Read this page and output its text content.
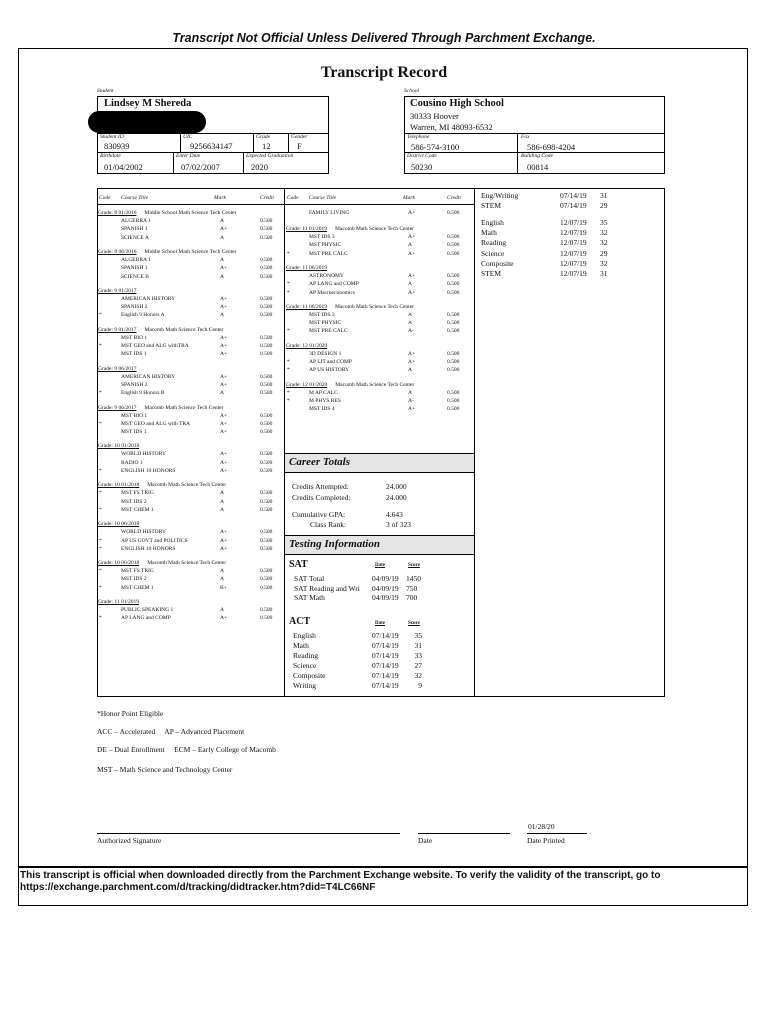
Transcript Not Official Unless Delivered Through Parchment Exchange.
Transcript Record
Student
Lindsey M Shereda
Student ID
830939
UIC
9256634147
Grade
12
Gender
F
Birthdate
01/04/2002
Enter Date
07/02/2007
Expected Graduation
2020
School
Cousino High School
30333 Hoover
Warren, MI 48093-6532
Telephone
586-574-3100
Fax
586-698-4204
District Code
50230
Building Code
00814
Code Course Title	Mark	Credit Code Course Title	Mark	Credit
Grade: 8 01/2016 Middle School Math Science Tech Center
ALGEBRA 1	A	0.500
SPANISH 1	A+	0.500
SCIENCE A	A	0.500
Grade: 8 06/2016 Middle School Math Science Tech Center
ALGEBRA 1	A	0.500
SPANISH 1	A+	0.500
SCIENCE B	A	0.500
Grade: 9 01/2017
AMERICAN HISTORY	A+	0.500
SPANISH 2	A+	0.500
*	English 9 Honors A	A	0.500
Grade: 9 01/2017 Macomb Math Science Tech Center
MST BIO 1	A+	0.500
*	MST GEO and ALG withTRA	A+	0.500
MST IDS 1	A+	0.500
Grade: 9 06/2017
AMERICAN HISTORY	A+	0.500
SPANISH 2	A+	0.500
*	English 9 Honors B	A	0.500
Grade: 9 06/2017 Macomb Math Science Tech Center
MST BIO 1	A+	0.500
*	MST GEO and ALG with TRA	A+	0.500
MST IDS 1	A+	0.500
Grade: 10 01/2018
WORLD HISTORY	A+	0.500
RADIO 1	A+	0.500
*	ENGLISH 10 HONORS	A+	0.500
Grade: 10 01/2018 Macomb Math Science Tech Center
*	MST FS TRIG	A	0.500
MST IDS 2	A	0.500
*	MST CHEM 1	A	0.500
Grade: 10 06/2018
WORLD HISTORY	A+	0.500
*	AP US GOVT and POLITICS	A+	0.500
*	ENGLISH 10 HONORS	A+	0.500
Grade: 10 06/2018 Macomb Math Science Tech Center
*	MST FS TRIG	A	0.500
MST IDS 2	A	0.500
*	MST CHEM 1	B+	0.500
Grade: 11 01/2019
PUBLIC SPEAKING 1	A	0.500
*	AP LANG and COMP	A+	0.500
FAMILY LIVING	A+	0.500
Grade: 11 01/2019 Macomb Math Science Tech Center
MST IDS 3	A+	0.500
MST PHYSIC	A	0.500
*	MST PRE CALC	A+	0.500
Grade: 11 06/2019
ASTRONOMY	A+	0.500
*	AP LANG and COMP	A	0.500
*	AP Macroeconomics	A+	0.500
Grade: 11 06/2019 Macomb Math Science Tech Center
MST IDS 3	A	0.500
MST PHYSIC	A	0.500
*	MST PRE CALC	A-	0.500
Grade: 12 01/2020
3D DESIGN 1	A+	0.500
*	AP LIT and COMP	A+	0.500
*	AP US HISTORY	A	0.500
Grade: 12 01/2020 Macomb Math Science Tech Center
*	M AP CALC	A	0.500
*	M PHYS RES	A-	0.500
MST IDS 4	A+	0.500
Career Totals
Credits Attempted:	24.000
Credits Completed:	24.000
Cumulative GPA:	4.643
Class Rank:	3 of 323
Testing Information
SAT	Date	Score
SAT Total	04/09/19 1450
SAT Reading and Wri 04/09/19 750
SAT Math	04/09/19 700
ACT	Date	Score
English	07/14/19	35
Math	07/14/19	31
Reading	07/14/19	33
Science	07/14/19	27
Composite	07/14/19	32
Writing	07/14/19	9
Eng/Writing	07/14/19 31
STEM	07/14/19 29
English	12/07/19 35
Math	12/07/19 32
Reading	12/07/19 32
Science	12/07/19 29
Composite	12/07/19 32
STEM	12/07/19 31
*Honor Point Eligible
ACC – Accelerated     AP – Advanced Placement
DE – Dual Enrollment     ECM – Early College of Macomb
MST – Math Science and Technology Center
Authorized Signature	Date
01/28/20
Date Printed
This transcript is official when downloaded directly from the Parchment Exchange website. To verify the validity of the transcript, go to https://exchange.parchment.com/d/tracking/didtracker.htm?did=T4LC66NF
